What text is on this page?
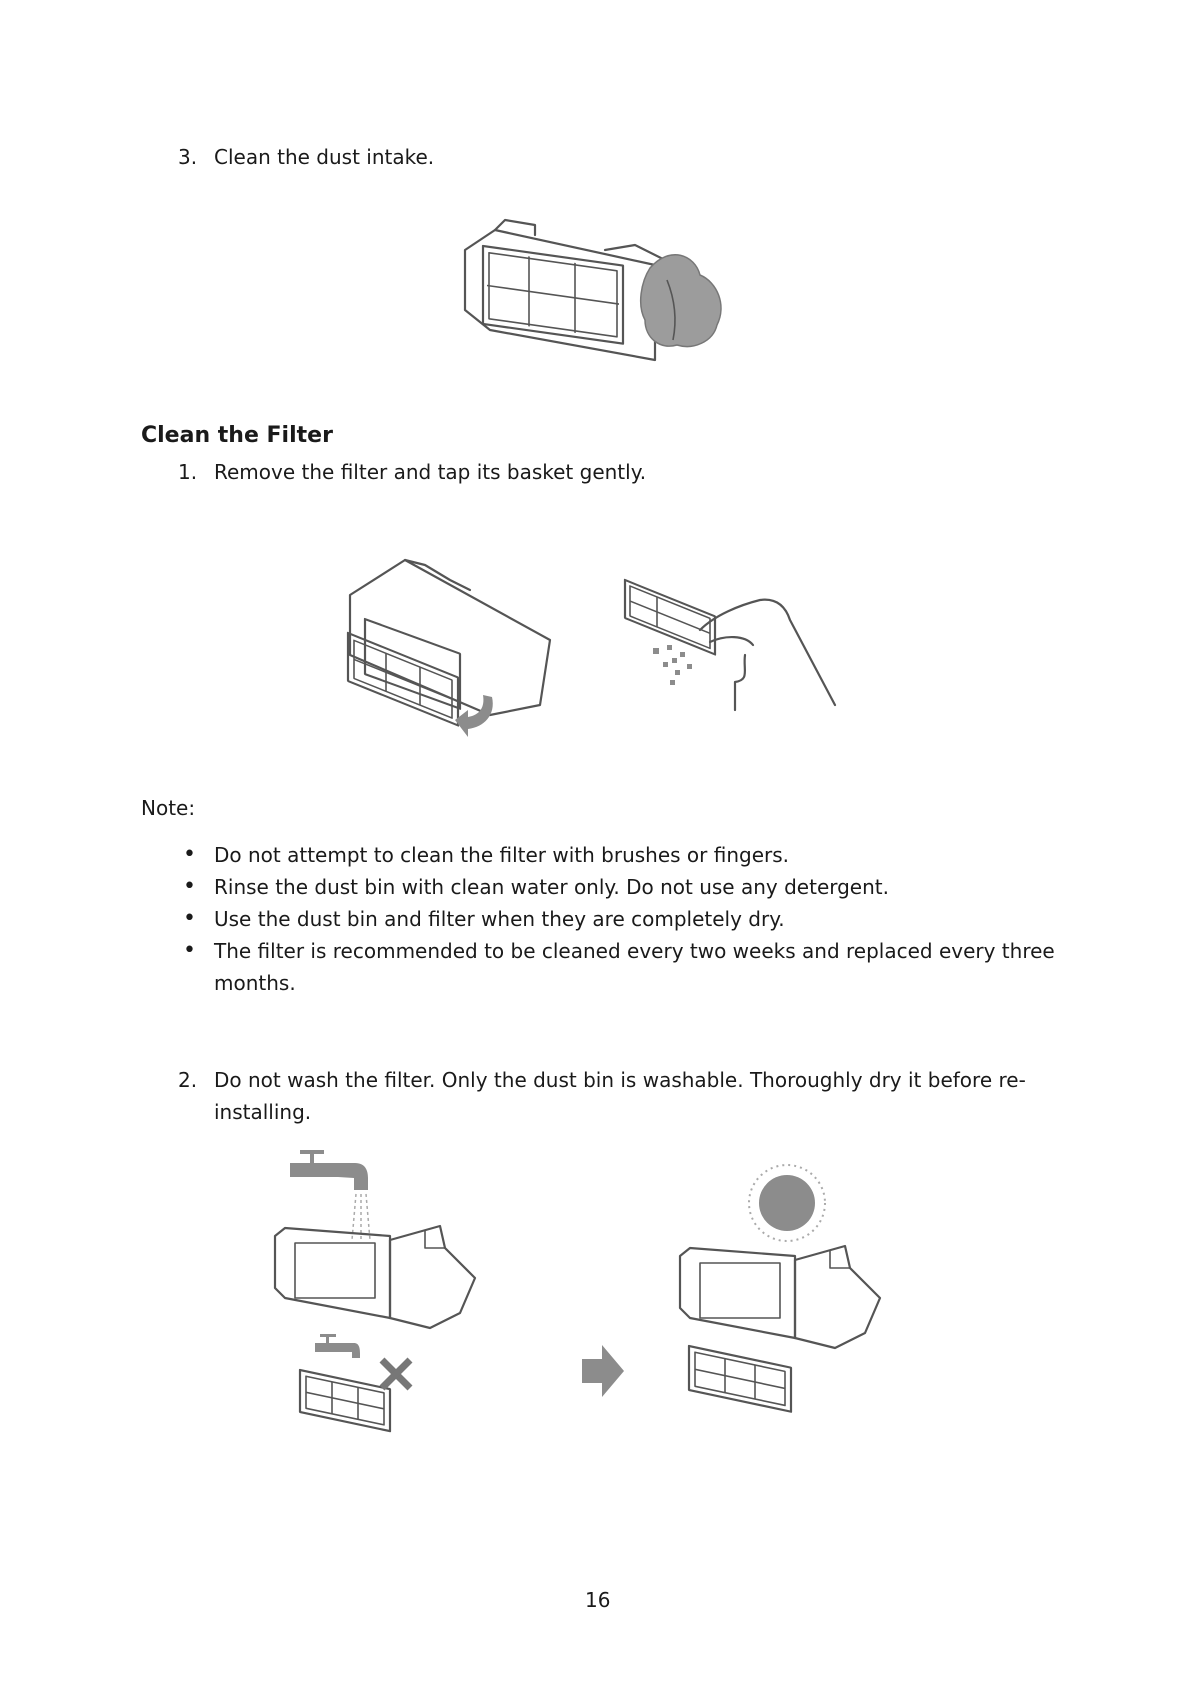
3. Clean the dust intake.
Clean the Filter
1. Remove the filter and tap its basket gently.
Note:
• Do not attempt to clean the filter with brushes or fingers.
• Rinse the dust bin with clean water only. Do not use any detergent.
• Use the dust bin and filter when they are completely dry.
• The filter is recommended to be cleaned every two weeks and replaced every three
months.
2. Do not wash the filter. Only the dust bin is washable. Thoroughly dry it before re-
installing.
16
